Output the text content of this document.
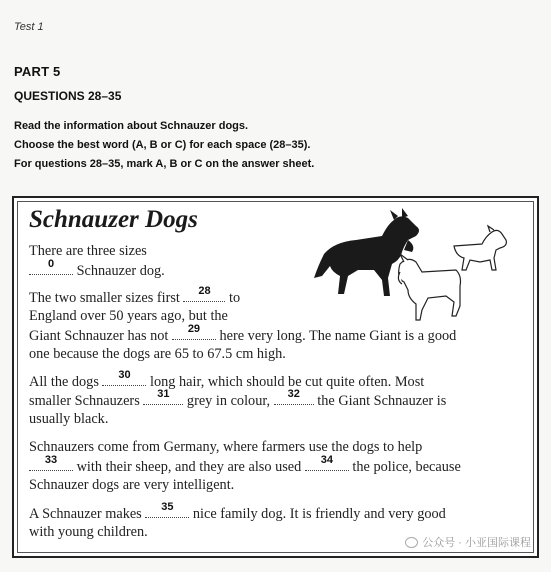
Test 1
PART 5
QUESTIONS 28–35
Read the information about Schnauzer dogs.
Choose the best word (A, B or C) for each space (28–35).
For questions 28–35, mark A, B or C on the answer sheet.
Schnauzer Dogs
There are three sizes
0	Schnauzer dog.
The two smaller sizes first	28	to
England over 50 years ago, but the
Giant Schnauzer has not	29	here very long. The name Giant is a good
one because the dogs are 65 to 67.5 cm high.
All the dogs	30	long hair, which should be cut quite often. Most
smaller Schnauzers	31 grey in colour,	32 the Giant Schnauzer is
usually black.
Schnauzers come from Germany, where farmers use the dogs to help
33	with their sheep, and they are also used	34	the police, because
Schnauzer dogs are very intelligent.
A Schnauzer makes	35	nice family dog. It is friendly and very good
with young children.
公众号 · 小亚国际课程
